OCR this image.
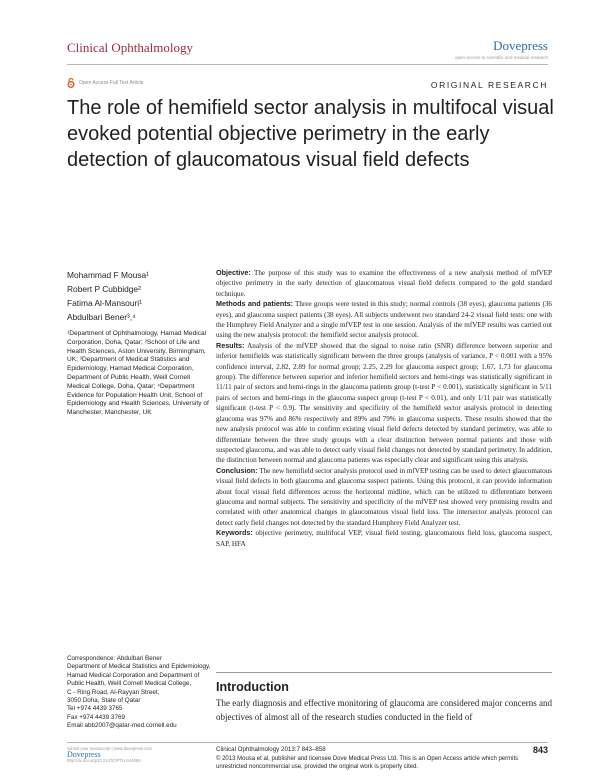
Clinical Ophthalmology	Dovepress
open access to scientific and medical research
Open Access Full Text Article	ORIGINAL RESEARCH
The role of hemifield sector analysis in multifocal visual evoked potential objective perimetry in the early detection of glaucomatous visual field defects
Mohammad F Mousa¹
Robert P Cubbidge²
Fatima Al-Mansouri¹
Abdulbari Bener³,⁴

¹Department of Ophthalmology, Hamad Medical Corporation, Doha, Qatar; ²School of Life and Health Sciences, Aston University, Birmingham, UK; ³Department of Medical Statistics and Epidemiology, Hamad Medical Corporation, Department of Public Health, Weill Cornell Medical College, Doha, Qatar; ⁴Department Evidence for Population Health Unit, School of Epidemiology and Health Sciences, University of Manchester, Manchester, UK

Correspondence: Abdulbari Bener
Department of Medical Statistics and Epidemiology, Hamad Medical Corporation and Department of Public Health, Weill Cornell Medical College,
C - Ring Road, Al-Rayyan Street,
3050 Doha, State of Qatar
Tel +974 4439 3765
Fax +974 4439 3769
Email abb2007@qatar-med.cornell.edu

Objective: The purpose of this study was to examine the effectiveness of a new analysis method of mfVEP objective perimetry in the early detection of glaucomatous visual field defects compared to the gold standard technique.

Methods and patients: Three groups were tested in this study; normal controls (38 eyes), glaucoma patients (36 eyes), and glaucoma suspect patients (38 eyes). All subjects underwent two standard 24-2 visual field tests: one with the Humphrey Field Analyzer and a single mfVEP test in one session. Analysis of the mfVEP results was carried out using the new analysis protocol: the hemifield sector analysis protocol.

Results: Analysis of the mfVEP showed that the signal to noise ratio (SNR) difference between superior and inferior hemifields was statistically significant between the three groups (analysis of variance, P < 0.001 with a 95% confidence interval, 2.82, 2.89 for normal group; 2.25, 2.29 for glaucoma suspect group; 1.67, 1.73 for glaucoma group). The difference between superior and inferior hemifield sectors and hemi-rings was statistically significant in 11/11 pair of sectors and hemi-rings in the glaucoma patients group (t-test P < 0.001), statistically significant in 5/11 pairs of sectors and hemi-rings in the glaucoma suspect group (t-test P < 0.01), and only 1/11 pair was statistically significant (t-test P < 0.9). The sensitivity and specificity of the hemifield sector analysis protocol in detecting glaucoma was 97% and 86% respectively and 89% and 79% in glaucoma suspects. These results showed that the new analysis protocol was able to confirm existing visual field defects detected by standard perimetry, was able to differentiate between the three study groups with a clear distinction between normal patients and those with suspected glaucoma, and was able to detect early visual field changes not detected by standard perimetry. In addition, the distinction between normal and glaucoma patients was especially clear and significant using this analysis.

Conclusion: The new hemifield sector analysis protocol used in mfVEP testing can be used to detect glaucomatous visual field defects in both glaucoma and glaucoma suspect patients. Using this protocol, it can provide information about focal visual field differences across the horizontal midline, which can be utilized to differentiate between glaucoma and normal subjects. The sensitivity and specificity of the mfVEP test showed very promising results and correlated with other anatomical changes in glaucomatous visual field loss. The intersector analysis protocol can detect early field changes not detected by the standard Humphrey Field Analyzer test.

Keywords: objective perimetry, multifocal VEP, visual field testing, glaucomatous field loss, glaucoma suspect, SAP, HFA

Introduction
The early diagnosis and effective monitoring of glaucoma are considered major concerns and objectives of almost all of the research studies conducted in the field of
submit your manuscript | www.dovepress.com
Dovepress
http://dx.doi.org/10.2147/OPTH.S44069
Clinical Ophthalmology 2013:7 843–858
© 2013 Mousa et al, publisher and licensee Dove Medical Press Ltd. This is an Open Access article which permits unrestricted noncommercial use, provided the original work is properly cited.
843
